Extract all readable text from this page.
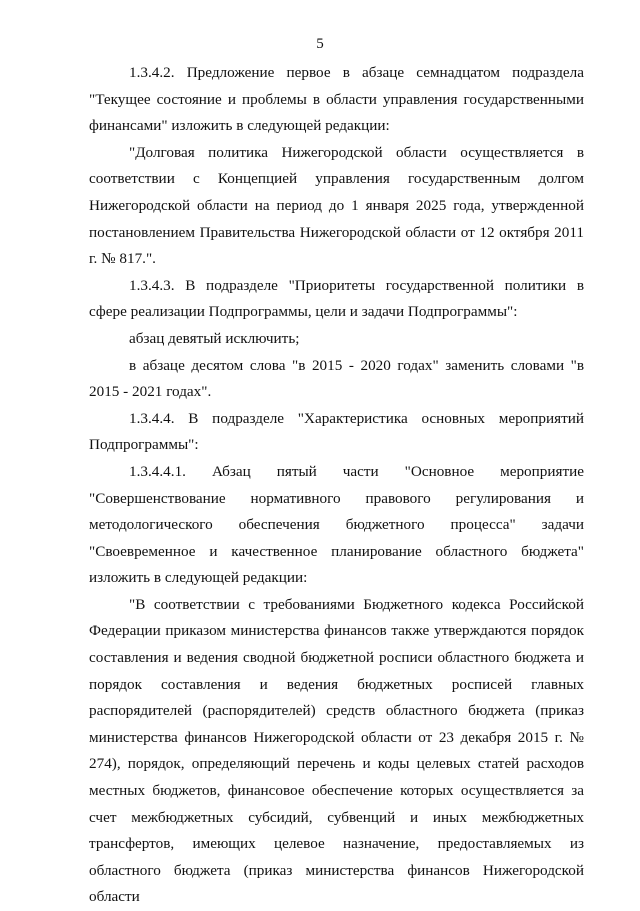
5

1.3.4.2. Предложение первое в абзаце семнадцатом подраздела "Текущее состояние и проблемы в области управления государственными финансами" изложить в следующей редакции:

"Долговая политика Нижегородской области осуществляется в соответствии с Концепцией управления государственным долгом Нижегородской области на период до 1 января 2025 года, утвержденной постановлением Правительства Нижегородской области от 12 октября 2011 г. № 817.".

1.3.4.3. В подразделе "Приоритеты государственной политики в сфере реализации Подпрограммы, цели и задачи Подпрограммы":

абзац девятый исключить;

в абзаце десятом слова "в 2015 - 2020 годах" заменить словами "в 2015 - 2021 годах".

1.3.4.4. В подразделе "Характеристика основных мероприятий Подпрограммы":

1.3.4.4.1. Абзац пятый части "Основное мероприятие "Совершенствование нормативного правового регулирования и методологического обеспечения бюджетного процесса" задачи "Своевременное и качественное планирование областного бюджета" изложить в следующей редакции:

"В соответствии с требованиями Бюджетного кодекса Российской Федерации приказом министерства финансов также утверждаются порядок составления и ведения сводной бюджетной росписи областного бюджета и порядок составления и ведения бюджетных росписей главных распорядителей (распорядителей) средств областного бюджета (приказ министерства финансов Нижегородской области от 23 декабря 2015 г. № 274), порядок, определяющий перечень и коды целевых статей расходов местных бюджетов, финансовое обеспечение которых осуществляется за счет межбюджетных субсидий, субвенций и иных межбюджетных трансфертов, имеющих целевое назначение, предоставляемых из областного бюджета (приказ министерства финансов Нижегородской области
